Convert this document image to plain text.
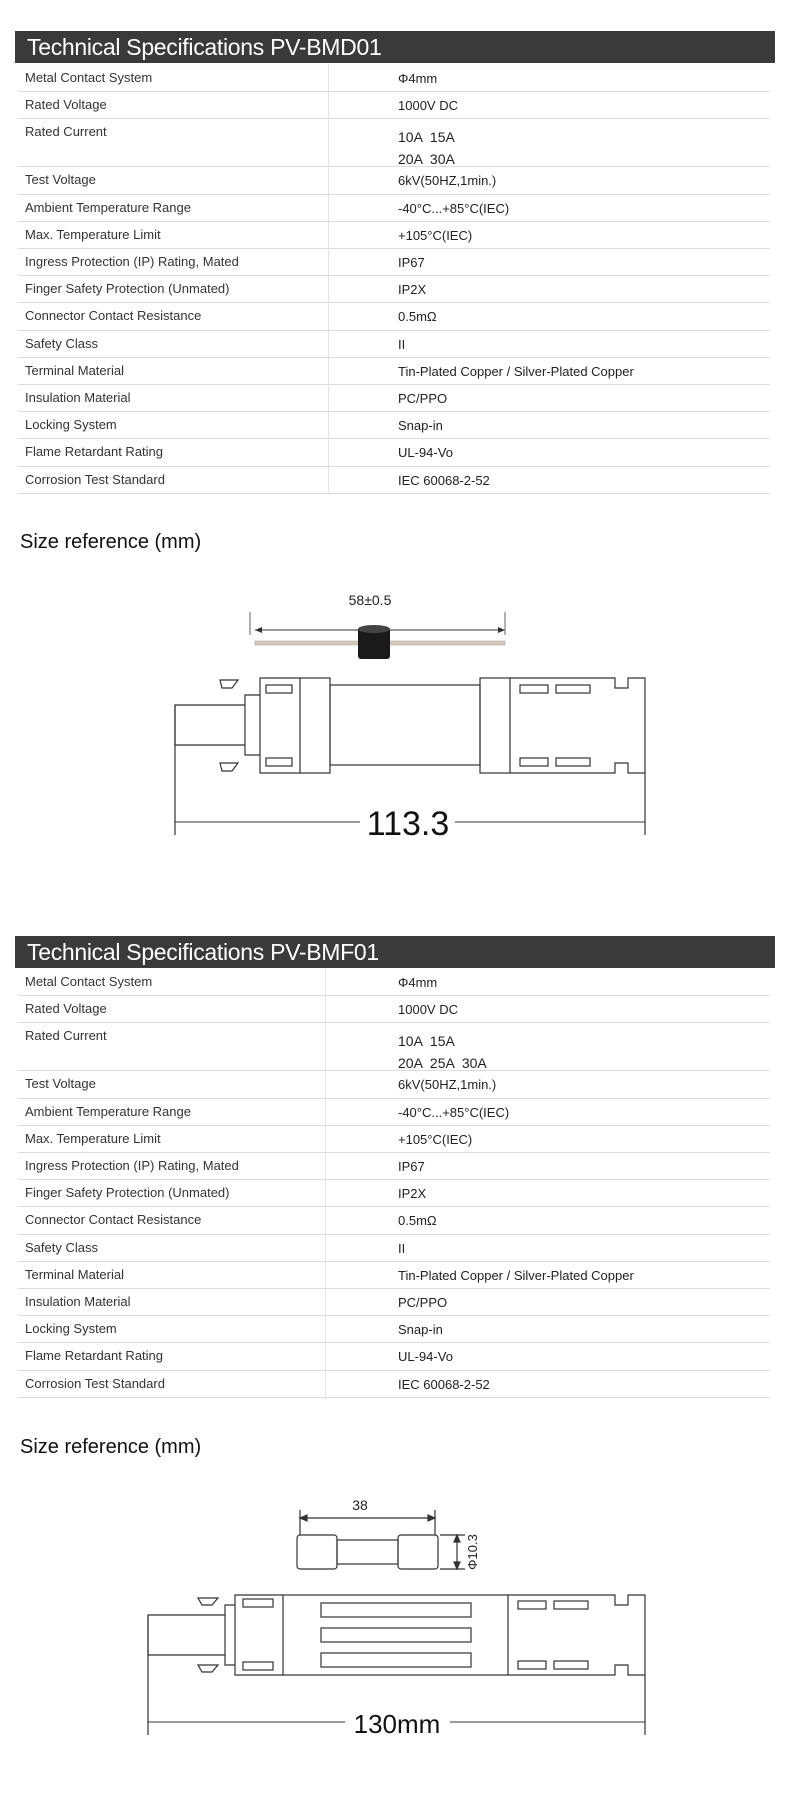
Technical Specifications PV-BMD01
Metal Contact System	Φ4mm
Rated Voltage	1000V DC
Rated Current	10A  15A
20A  30A
Test Voltage	6kV(50HZ,1min.)
Ambient Temperature Range	-40°C...+85°C(IEC)
Max. Temperature Limit	+105°C(IEC)
Ingress Protection (IP) Rating, Mated	IP67
Finger Safety Protection (Unmated)	IP2X
Connector Contact Resistance	0.5mΩ
Safety Class	II
Terminal Material	Tin-Plated Copper / Silver-Plated Copper
Insulation Material	PC/PPO
Locking System	Snap-in
Flame Retardant Rating	UL-94-Vo
Corrosion Test Standard	IEC 60068-2-52
Size reference (mm)
58±0.5
113.3
Technical Specifications PV-BMF01
Metal Contact System	Φ4mm
Rated Voltage	1000V DC
Rated Current	10A  15A
20A  25A  30A
Test Voltage	6kV(50HZ,1min.)
Ambient Temperature Range	-40°C...+85°C(IEC)
Max. Temperature Limit	+105°C(IEC)
Ingress Protection (IP) Rating, Mated	IP67
Finger Safety Protection (Unmated)	IP2X
Connector Contact Resistance	0.5mΩ
Safety Class	II
Terminal Material	Tin-Plated Copper / Silver-Plated Copper
Insulation Material	PC/PPO
Locking System	Snap-in
Flame Retardant Rating	UL-94-Vo
Corrosion Test Standard	IEC 60068-2-52
Size reference (mm)
38
Φ10.3
130mm
